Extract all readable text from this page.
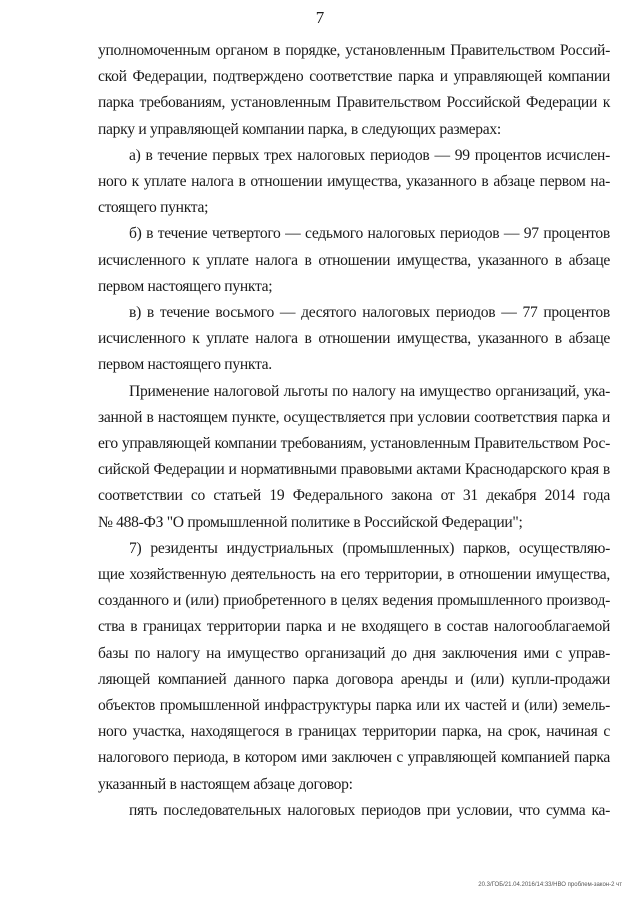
7
уполномоченным органом в порядке, установленным Правительством Россий-
ской Федерации, подтверждено соответствие парка и управляющей компании
парка требованиям, установленным Правительством Российской Федерации к
парку и управляющей компании парка, в следующих размерах:
а) в течение первых трех налоговых периодов — 99 процентов исчислен-
ного к уплате налога в отношении имущества, указанного в абзаце первом на-
стоящего пункта;
б) в течение четвертого — седьмого налоговых периодов — 97 процентов
исчисленного к уплате налога в отношении имущества, указанного в абзаце
первом настоящего пункта;
в) в течение восьмого — десятого налоговых периодов — 77 процентов
исчисленного к уплате налога в отношении имущества, указанного в абзаце
первом настоящего пункта.
Применение налоговой льготы по налогу на имущество организаций, ука-
занной в настоящем пункте, осуществляется при условии соответствия парка и
его управляющей компании требованиям, установленным Правительством Рос-
сийской Федерации и нормативными правовыми актами Краснодарского края в
соответствии со статьей 19 Федерального закона от 31 декабря 2014 года
№ 488-ФЗ "О промышленной политике в Российской Федерации";
7) резиденты индустриальных (промышленных) парков, осуществляю-
щие хозяйственную деятельность на его территории, в отношении имущества,
созданного и (или) приобретенного в целях ведения промышленного производ-
ства в границах территории парка и не входящего в состав налогооблагаемой
базы по налогу на имущество организаций до дня заключения ими с управ-
ляющей компанией данного парка договора аренды и (или) купли-продажи
объектов промышленной инфраструктуры парка или их частей и (или) земель-
ного участка, находящегося в границах территории парка, на срок, начиная с
налогового периода, в котором ими заключен с управляющей компанией парка
указанный в настоящем абзаце договор:
пять последовательных налоговых периодов при условии, что сумма ка-
20.3/ГОБ/21.04.2016/14:33/НВО проблем-закон-2 чт
